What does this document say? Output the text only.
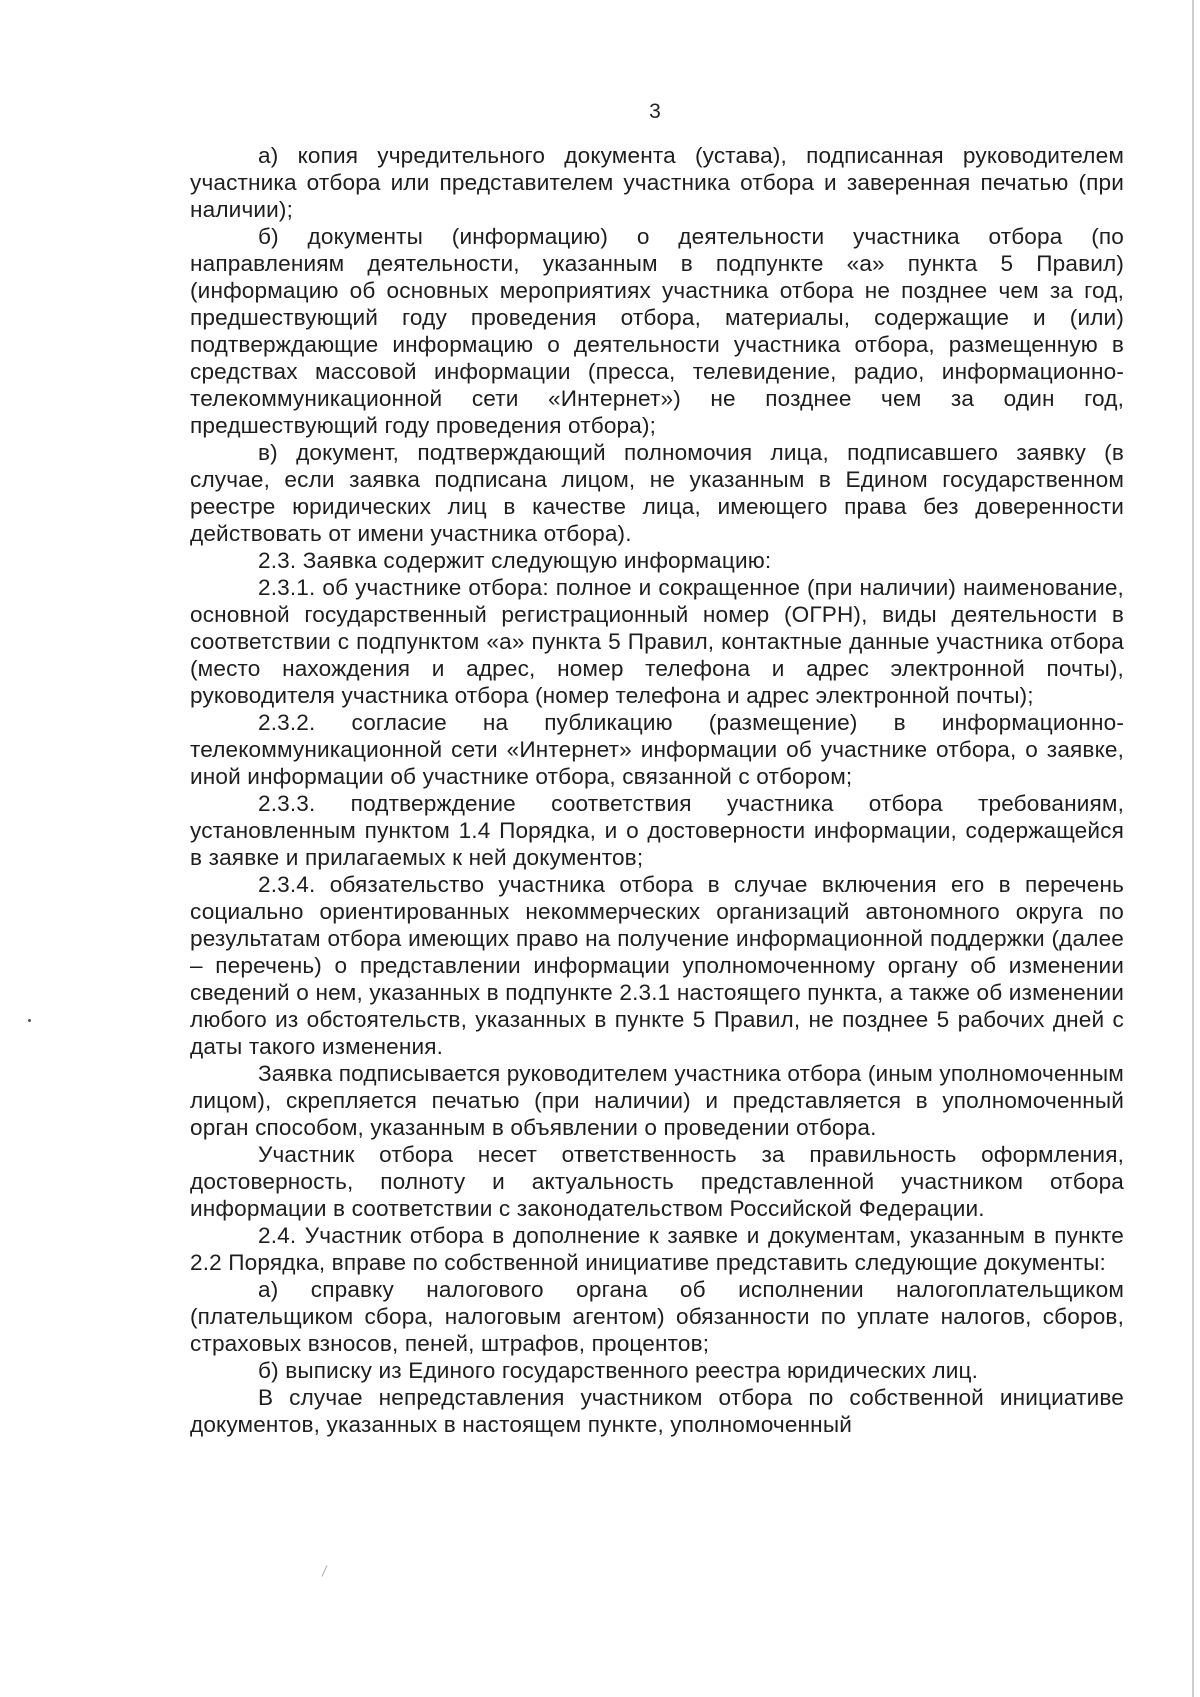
3

а) копия учредительного документа (устава), подписанная руководителем участника отбора или представителем участника отбора и заверенная печатью (при наличии);

б) документы (информацию) о деятельности участника отбора (по направлениям деятельности, указанным в подпункте «а» пункта 5 Правил) (информацию об основных мероприятиях участника отбора не позднее чем за год, предшествующий году проведения отбора, материалы, содержащие и (или) подтверждающие информацию о деятельности участника отбора, размещенную в средствах массовой информации (пресса, телевидение, радио, информационно-телекоммуникационной сети «Интернет») не позднее чем за один год, предшествующий году проведения отбора);

в) документ, подтверждающий полномочия лица, подписавшего заявку (в случае, если заявка подписана лицом, не указанным в Едином государственном реестре юридических лиц в качестве лица, имеющего права без доверенности действовать от имени участника отбора).

2.3. Заявка содержит следующую информацию:

2.3.1. об участнике отбора: полное и сокращенное (при наличии) наименование, основной государственный регистрационный номер (ОГРН), виды деятельности в соответствии с подпунктом «а» пункта 5 Правил, контактные данные участника отбора (место нахождения и адрес, номер телефона и адрес электронной почты), руководителя участника отбора (номер телефона и адрес электронной почты);

2.3.2. согласие на публикацию (размещение) в информационно-телекоммуникационной сети «Интернет» информации об участнике отбора, о заявке, иной информации об участнике отбора, связанной с отбором;

2.3.3. подтверждение соответствия участника отбора требованиям, установленным пунктом 1.4 Порядка, и о достоверности информации, содержащейся в заявке и прилагаемых к ней документов;

2.3.4. обязательство участника отбора в случае включения его в перечень социально ориентированных некоммерческих организаций автономного округа по результатам отбора имеющих право на получение информационной поддержки (далее – перечень) о представлении информации уполномоченному органу об изменении сведений о нем, указанных в подпункте 2.3.1 настоящего пункта, а также об изменении любого из обстоятельств, указанных в пункте 5 Правил, не позднее 5 рабочих дней с даты такого изменения.

Заявка подписывается руководителем участника отбора (иным уполномоченным лицом), скрепляется печатью (при наличии) и представляется в уполномоченный орган способом, указанным в объявлении о проведении отбора.

Участник отбора несет ответственность за правильность оформления, достоверность, полноту и актуальность представленной участником отбора информации в соответствии с законодательством Российской Федерации.

2.4. Участник отбора в дополнение к заявке и документам, указанным в пункте 2.2 Порядка, вправе по собственной инициативе представить следующие документы:

а) справку налогового органа об исполнении налогоплательщиком (плательщиком сбора, налоговым агентом) обязанности по уплате налогов, сборов, страховых взносов, пеней, штрафов, процентов;

б) выписку из Единого государственного реестра юридических лиц.

В случае непредставления участником отбора по собственной инициативе документов, указанных в настоящем пункте, уполномоченный
